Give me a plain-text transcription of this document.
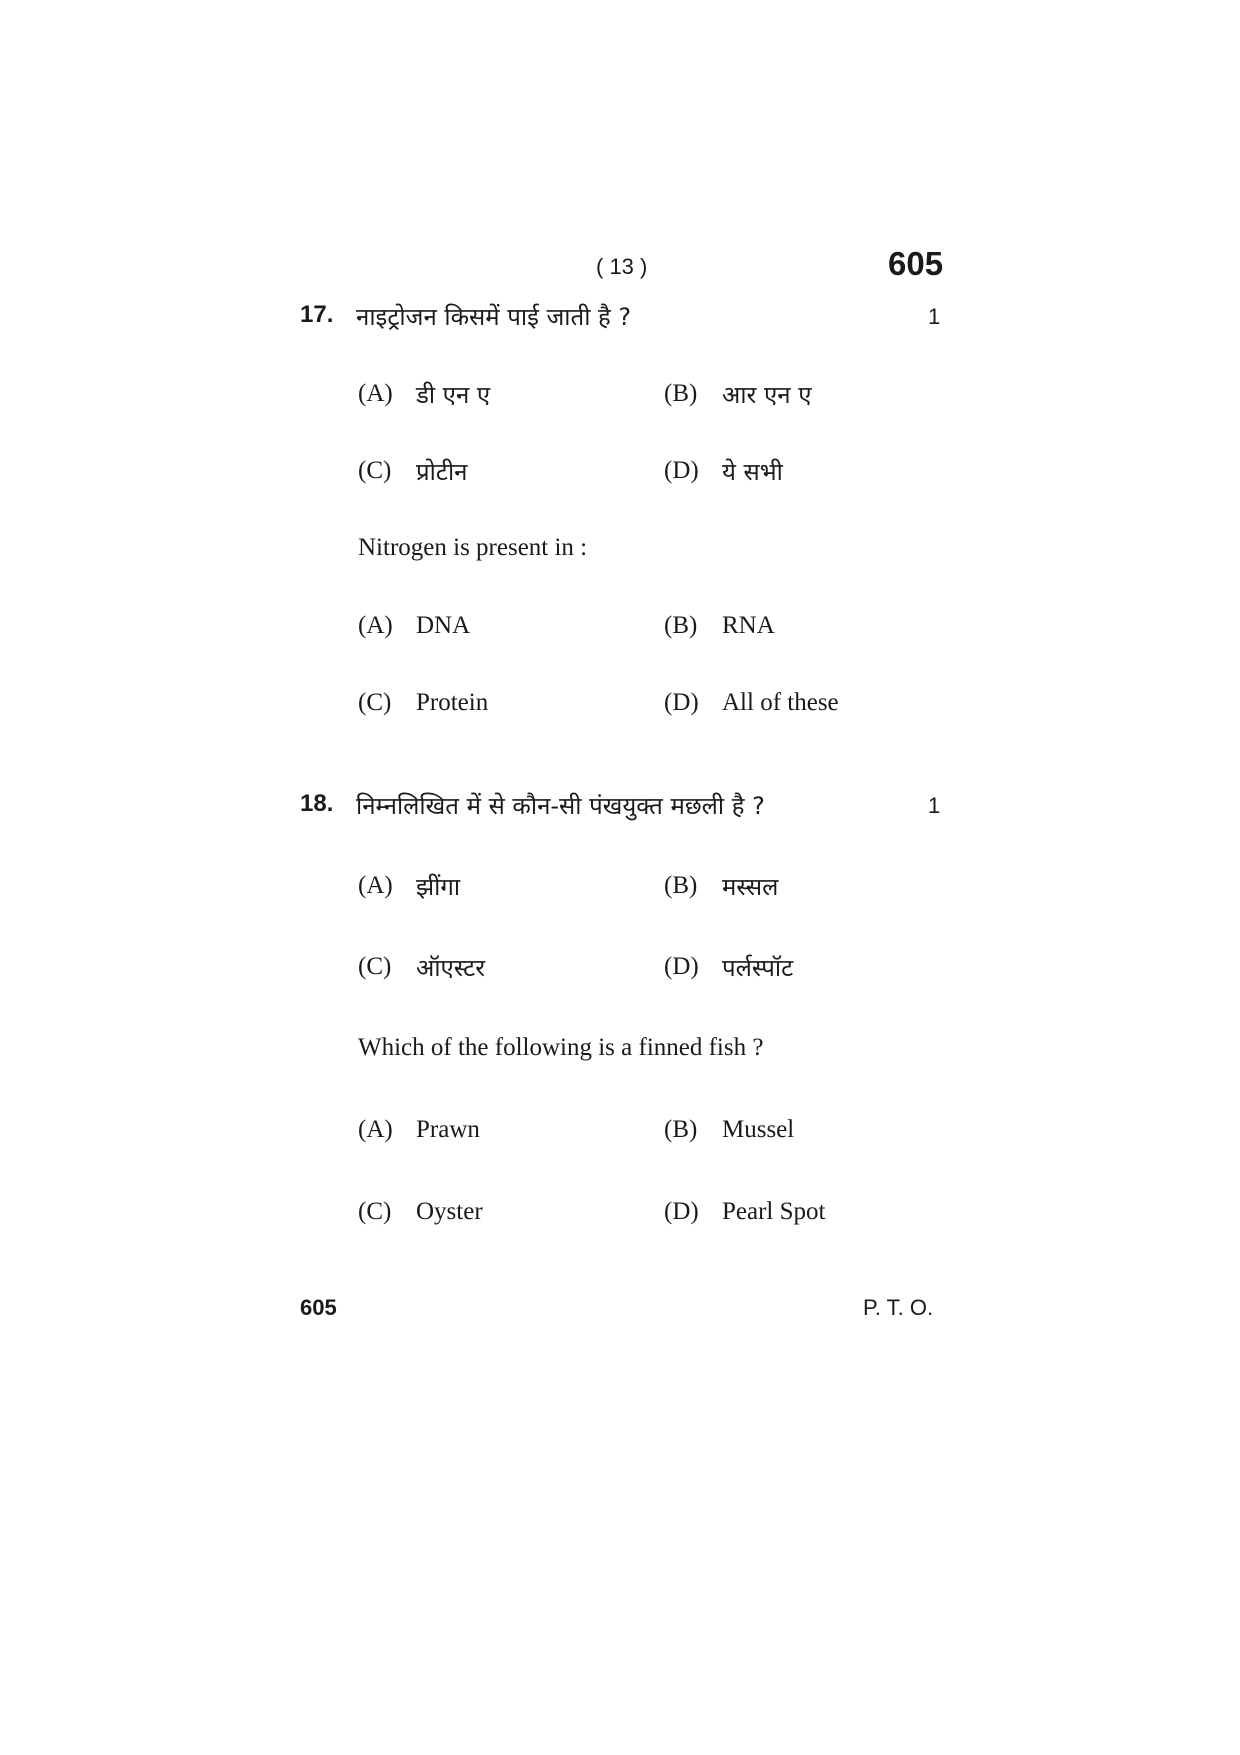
( 13 )	605
17. नाइट्रोजन किसमें पाई जाती है ?	1
(A) डी एन ए	(B) आर एन ए
(C) प्रोटीन	(D) ये सभी
Nitrogen is present in :
(A) DNA	(B) RNA
(C) Protein	(D) All of these
18. निम्नलिखित में से कौन-सी पंखयुक्त मछली है ?	1
(A) झींगा	(B) मस्सल
(C) ऑएस्टर	(D) पर्लस्पॉट
Which of the following is a finned fish ?
(A) Prawn	(B) Mussel
(C) Oyster	(D) Pearl Spot
605	P. T. O.
